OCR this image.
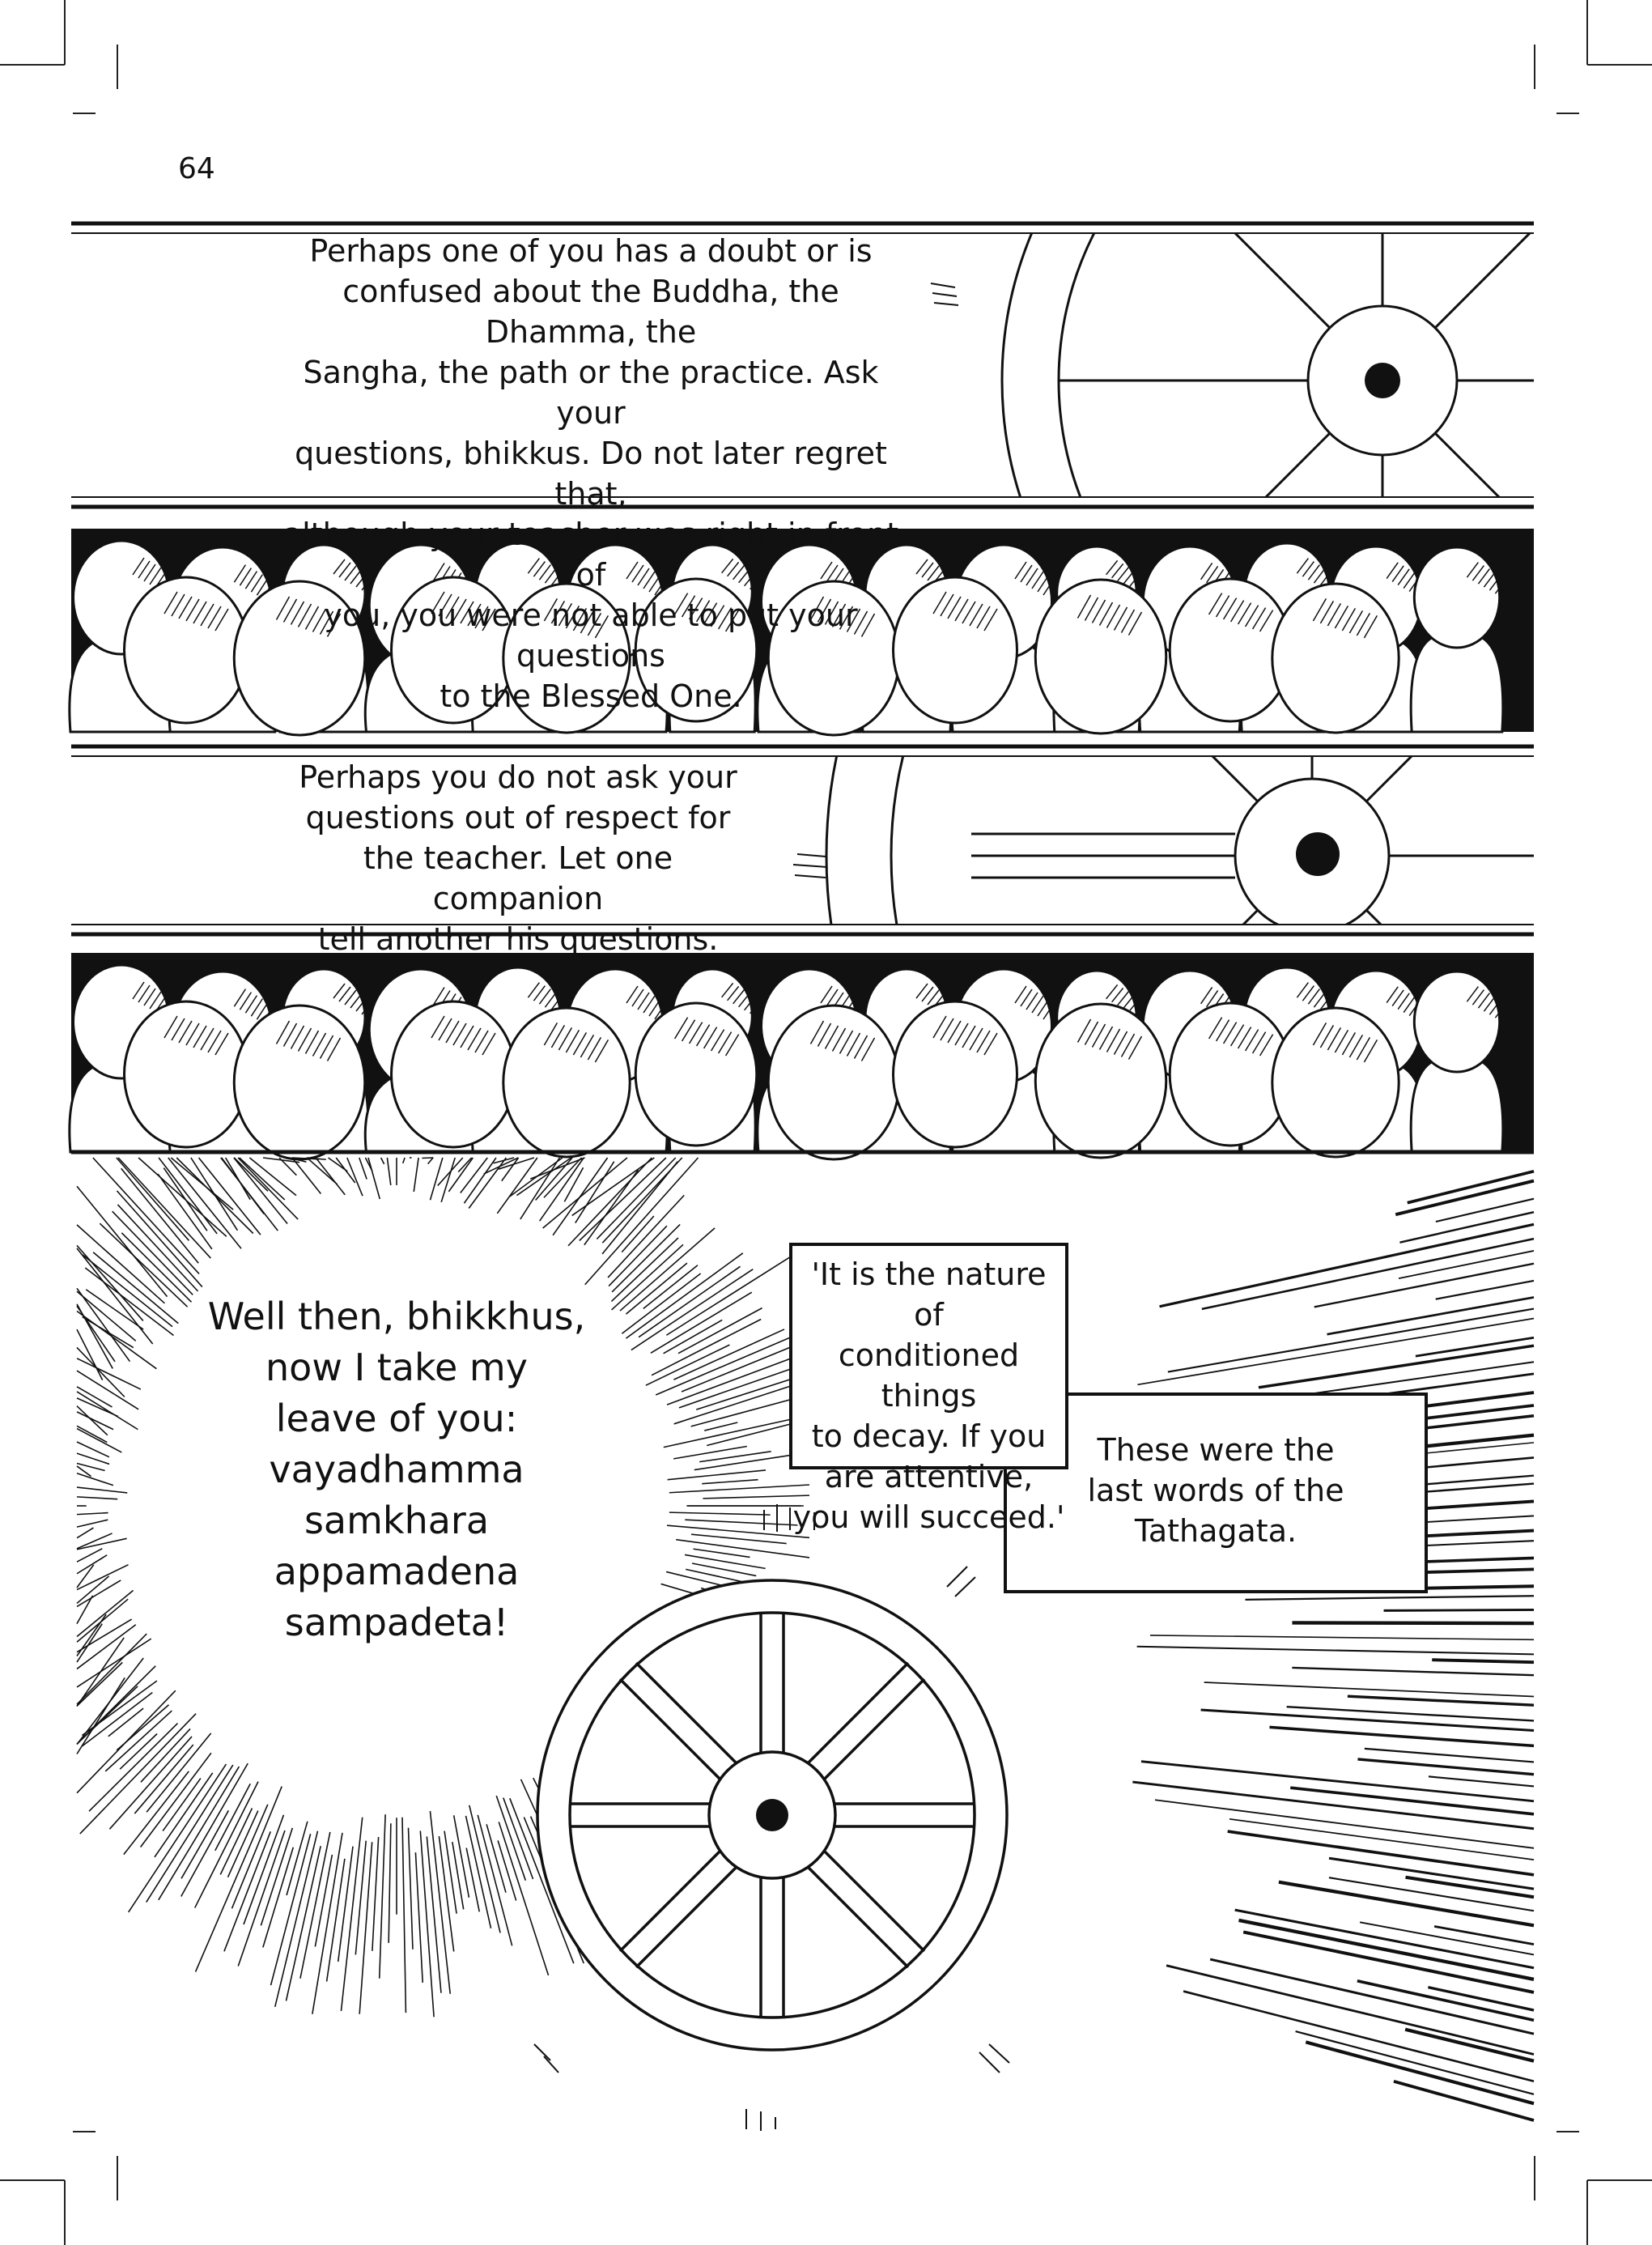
64
Perhaps one of you has a doubt or is
confused about the Buddha, the Dhamma, the
Sangha, the path or the practice. Ask your
questions, bhikkus. Do not later regret that,
although your teacher was right in front of
you, you were not able to put your questions
to the Blessed One.
Perhaps you do not ask your
questions out of respect for
the teacher. Let one companion
tell another his questions.
Well then, bhikkhus,
now I take my
leave of you:
vayadhamma
samkhara
appamadena
sampadeta!
These were the
last words of the
Tathagata.
'It is the nature of
conditioned things
to decay. If you
are attentive,
you will succeed.'
